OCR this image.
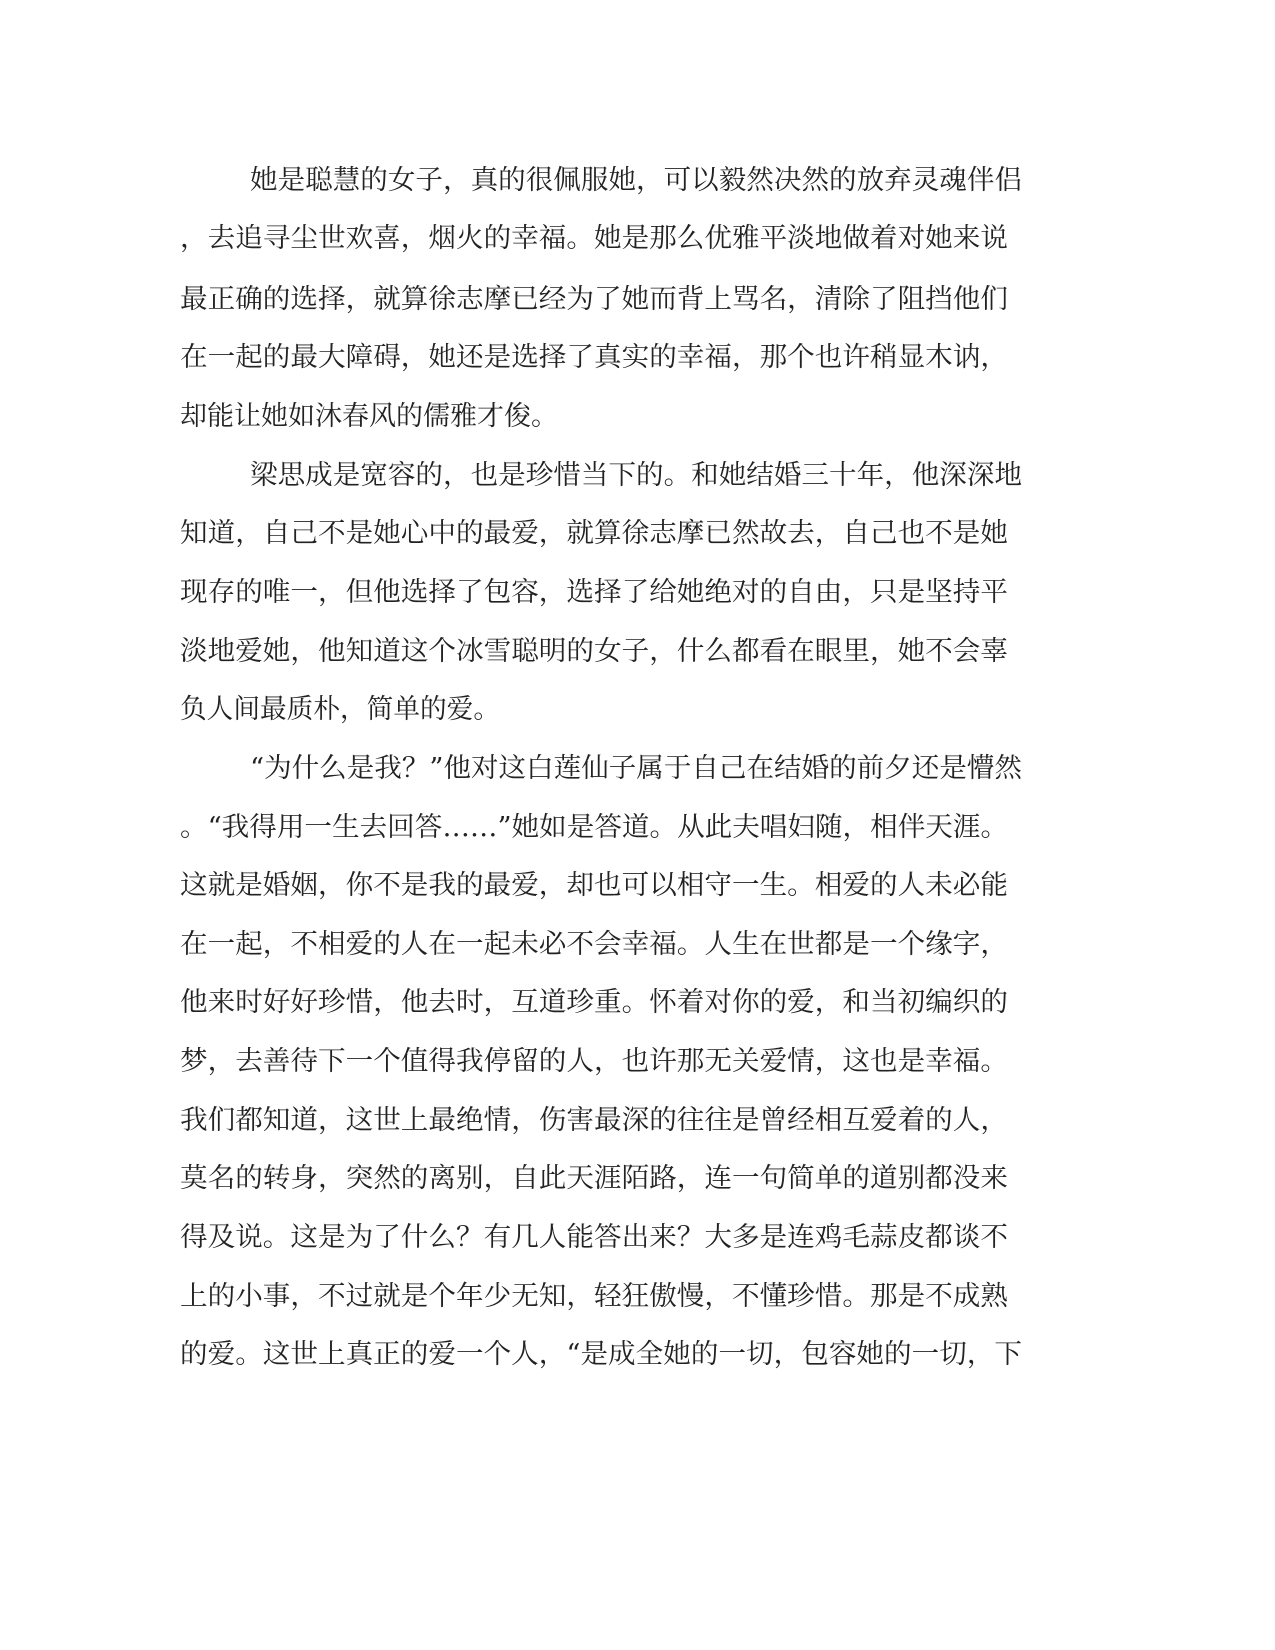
她是聪慧的女子，真的很佩服她，可以毅然决然的放弃灵魂伴侣
，去追寻尘世欢喜，烟火的幸福。她是那么优雅平淡地做着对她来说
最正确的选择，就算徐志摩已经为了她而背上骂名，清除了阻挡他们
在一起的最大障碍，她还是选择了真实的幸福，那个也许稍显木讷，
却能让她如沐春风的儒雅才俊。
梁思成是宽容的，也是珍惜当下的。和她结婚三十年，他深深地
知道，自己不是她心中的最爱，就算徐志摩已然故去，自己也不是她
现存的唯一，但他选择了包容，选择了给她绝对的自由，只是坚持平
淡地爱她，他知道这个冰雪聪明的女子，什么都看在眼里，她不会辜
负人间最质朴，简单的爱。
“为什么是我？”他对这白莲仙子属于自己在结婚的前夕还是懵然
。“我得用一生去回答……”她如是答道。从此夫唱妇随，相伴天涯。
这就是婚姻，你不是我的最爱，却也可以相守一生。相爱的人未必能
在一起，不相爱的人在一起未必不会幸福。人生在世都是一个缘字，
他来时好好珍惜，他去时，互道珍重。怀着对你的爱，和当初编织的
梦，去善待下一个值得我停留的人，也许那无关爱情，这也是幸福。
我们都知道，这世上最绝情，伤害最深的往往是曾经相互爱着的人，
莫名的转身，突然的离别，自此天涯陌路，连一句简单的道别都没来
得及说。这是为了什么？有几人能答出来？大多是连鸡毛蒜皮都谈不
上的小事，不过就是个年少无知，轻狂傲慢，不懂珍惜。那是不成熟
的爱。这世上真正的爱一个人，“是成全她的一切，包容她的一切，下
